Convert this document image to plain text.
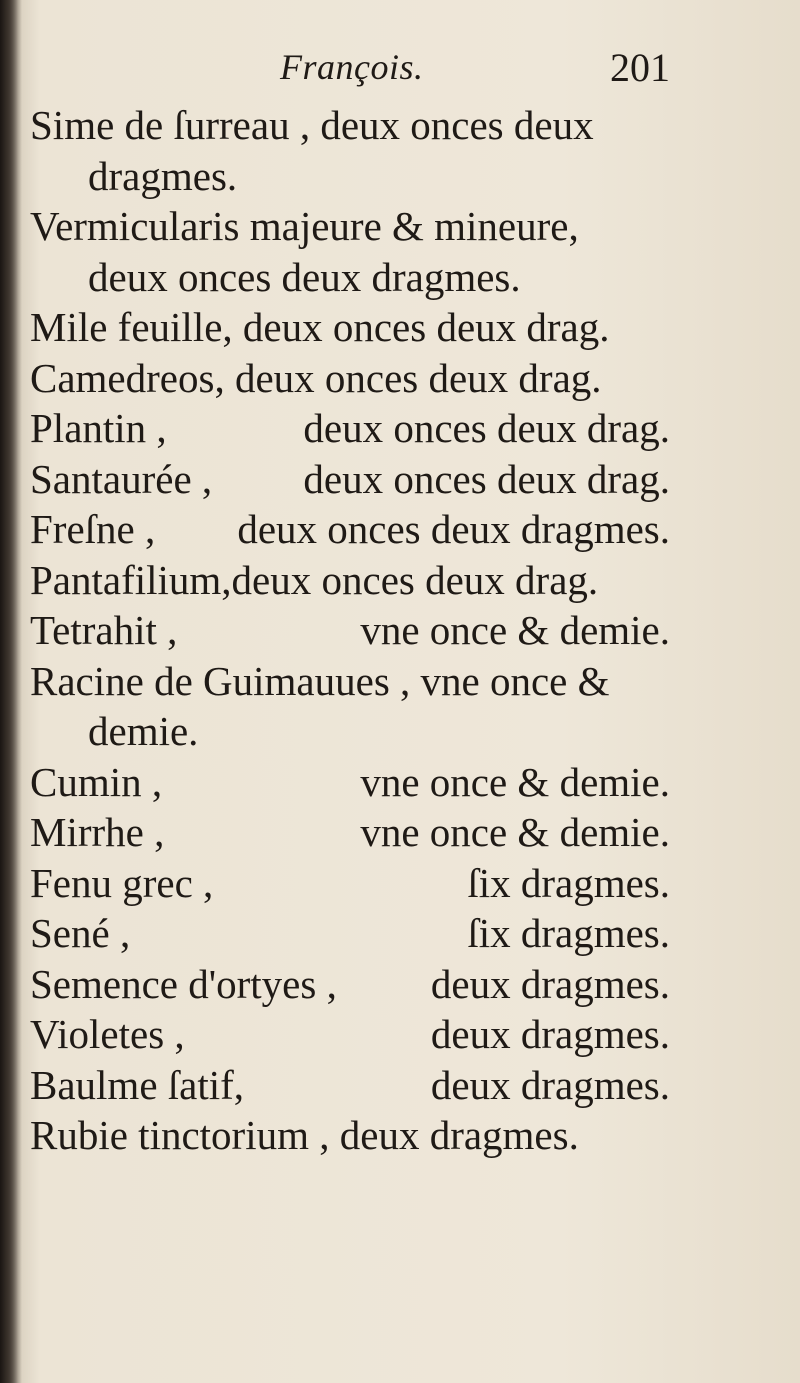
François.	201
Sime de ſurreau , deux onces deux
dragmes.
Vermicularis majeure & mineure,
deux onces deux dragmes.
Mile feuille, deux onces deux drag.
Camedreos, deux onces deux drag.
Plantin ,	deux onces deux drag.
Santaurée , deux onces deux drag.
Freſne , deux onces deux dragmes.
Pantafilium,deux onces deux drag.
Tetrahit ,	vne once & demie.
Racine de Guimauues , vne once &
demie.
Cumin ,	vne once & demie.
Mirrhe ,	vne once & demie.
Fenu grec ,	ſix dragmes.
Sené ,	ſix dragmes.
Semence d'ortyes , deux dragmes.
Violetes ,	deux dragmes.
Baulme ſatif,	deux dragmes.
Rubie tinctorium , deux dragmes.
